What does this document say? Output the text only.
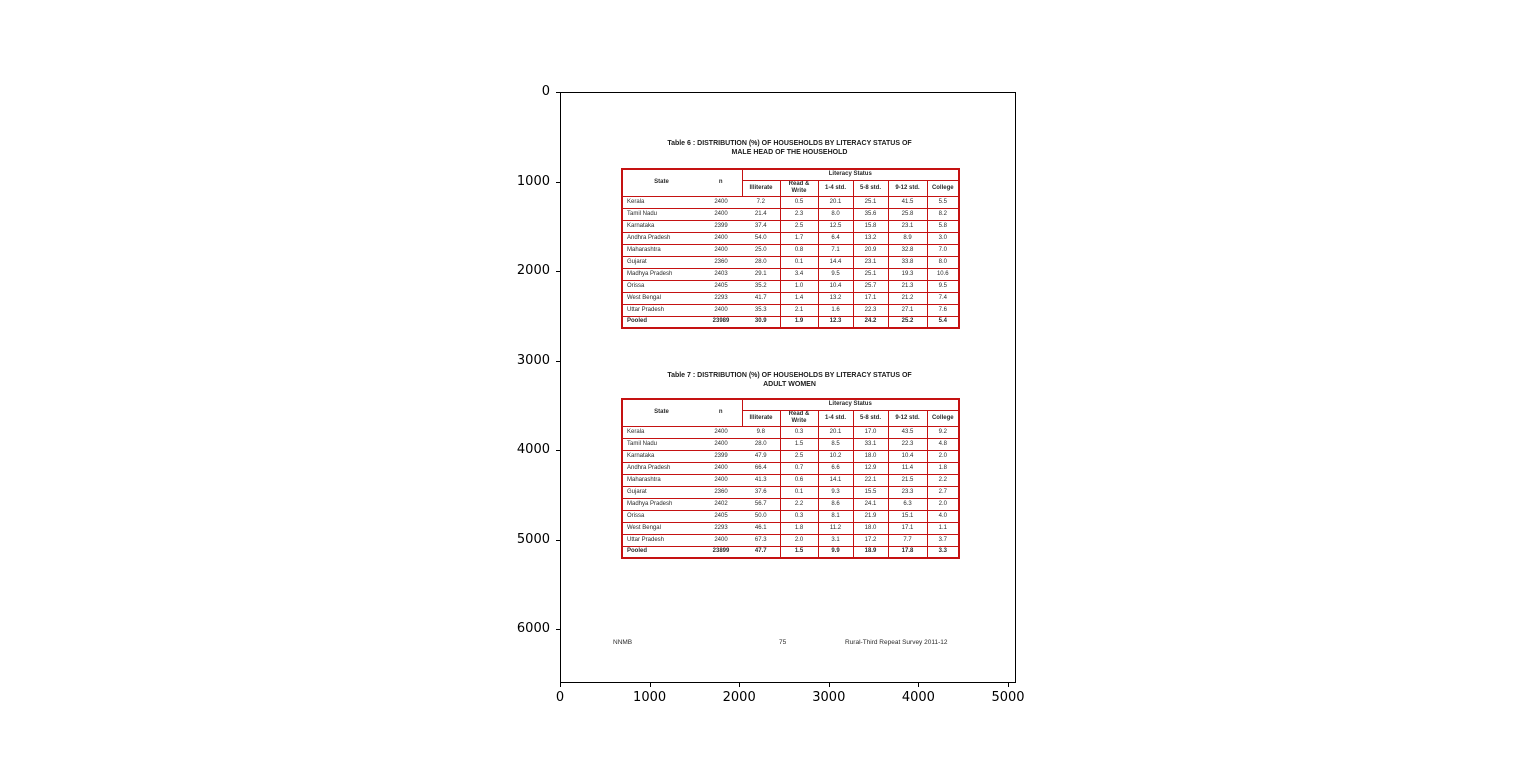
Table 6 : DISTRIBUTION (%) OF HOUSEHOLDS BY LITERACY STATUS OF
MALE HEAD OF THE HOUSEHOLD
State	n	Literacy Status					
		Illiterate	Read & Write	1-4 std.	5-8 std.	9-12 std.	College
Kerala	2400	7.2	0.5	20.1	25.1	41.5	5.5
Tamil Nadu	2400	21.4	2.3	8.0	35.6	25.8	8.2
Karnataka	2399	37.4	2.5	12.5	15.8	23.1	5.8
Andhra Pradesh	2400	54.0	1.7	6.4	13.2	8.9	3.0
Maharashtra	2400	25.0	0.8	7.1	20.9	32.8	7.0
Gujarat	2360	28.0	0.1	14.4	23.1	33.8	8.0
Madhya Pradesh	2403	29.1	3.4	9.5	25.1	19.3	10.6
Orissa	2405	35.2	1.0	10.4	25.7	21.3	9.5
West Bengal	2293	41.7	1.4	13.2	17.1	21.2	7.4
Uttar Pradesh	2400	35.3	2.1	1.6	22.3	27.1	7.6
Pooled	23989	30.9	1.9	12.3	24.2	25.2	5.4
Table 7 : DISTRIBUTION (%) OF HOUSEHOLDS BY LITERACY STATUS OF
ADULT WOMEN
State	n	Literacy Status					
		Illiterate	Read & Write	1-4 std.	5-8 std.	9-12 std.	College
Kerala	2400	9.8	0.3	20.1	17.0	43.5	9.2
Tamil Nadu	2400	28.0	1.5	8.5	33.1	22.3	4.8
Karnataka	2399	47.9	2.5	10.2	18.0	10.4	2.0
Andhra Pradesh	2400	66.4	0.7	6.6	12.9	11.4	1.8
Maharashtra	2400	41.3	0.6	14.1	22.1	21.5	2.2
Gujarat	2360	37.6	0.1	9.3	15.5	23.3	2.7
Madhya Pradesh	2402	56.7	2.2	8.6	24.1	6.3	2.0
Orissa	2405	50.0	0.3	8.1	21.9	15.1	4.0
West Bengal	2293	46.1	1.8	11.2	18.0	17.1	1.1
Uttar Pradesh	2400	67.3	2.0	3.1	17.2	7.7	3.7
Pooled	23899	47.7	1.5	9.9	18.9	17.8	3.3
NNMB	75	Rural-Third Repeat Survey 2011-12
0
1000
2000
3000
4000
5000
6000
0	1000	2000	3000	4000	5000
